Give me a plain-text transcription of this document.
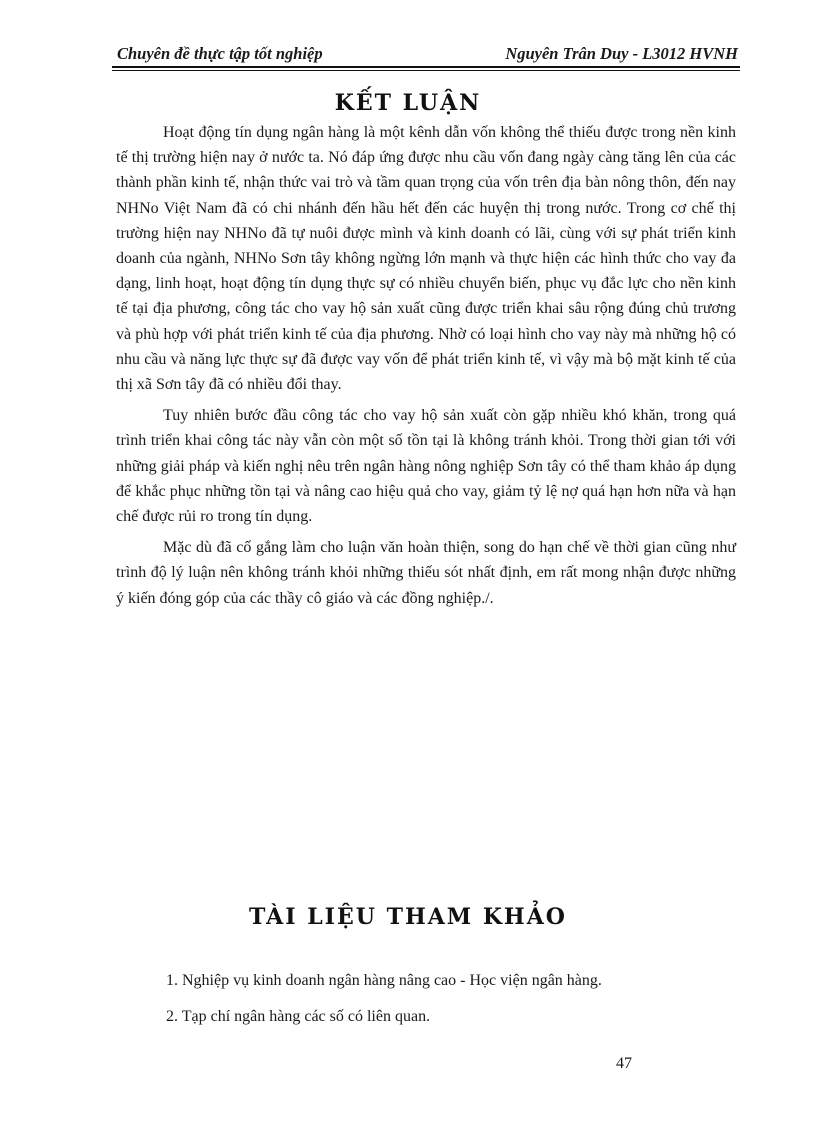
Chuyên đề thực tập tốt nghiệp	Nguyên Trân Duy - L3012 HVNH
KẾT LUẬN

Hoạt động tín dụng ngân hàng là một kênh dẫn vốn không thể thiếu được trong nền kinh tế thị trường hiện nay ở nước ta. Nó đáp ứng được nhu cầu vốn đang ngày càng tăng lên của các thành phần kinh tế, nhận thức vai trò và tầm quan trọng của vốn trên địa bàn nông thôn, đến nay NHNo Việt Nam đã có chi nhánh đến hầu hết đến các huyện thị trong nước. Trong cơ chế thị trường hiện nay NHNo đã tự nuôi được mình và kinh doanh có lãi, cùng với sự phát triển kinh doanh của ngành, NHNo Sơn tây không ngừng lớn mạnh và thực hiện các hình thức cho vay đa dạng, linh hoạt, hoạt động tín dụng thực sự có nhiều chuyển biến, phục vụ đắc lực cho nền kinh tế tại địa phương, công tác cho vay hộ sản xuất cũng được triển khai sâu rộng đúng chủ trương và phù hợp với phát triển kinh tế của địa phương. Nhờ có loại hình cho vay này mà những hộ có nhu cầu và năng lực thực sự đã được vay vốn để phát triển kinh tế, vì vậy mà bộ mặt kinh tế của thị xã Sơn tây đã có nhiều đổi thay.

Tuy nhiên bước đầu công tác cho vay hộ sản xuất còn gặp nhiều khó khăn, trong quá trình triển khai công tác này vẫn còn một số tồn tại là không tránh khỏi. Trong thời gian tới với những giải pháp và kiến nghị nêu trên ngân hàng nông nghiệp Sơn tây có thể tham khảo áp dụng để khắc phục những tồn tại và nâng cao hiệu quả cho vay, giảm tỷ lệ nợ quá hạn hơn nữa và hạn chế được rủi ro trong tín dụng.

Mặc dù đã cố gắng làm cho luận văn hoàn thiện, song do hạn chế về thời gian cũng như trình độ lý luận nên không tránh khỏi những thiếu sót nhất định, em rất mong nhận được những ý kiến đóng góp của các thầy cô giáo và các đồng nghiệp./.

TÀI LIỆU THAM KHẢO
1. Nghiệp vụ kinh doanh ngân hàng nâng cao - Học viện ngân hàng.
2. Tạp chí ngân hàng các số có liên quan.
47
